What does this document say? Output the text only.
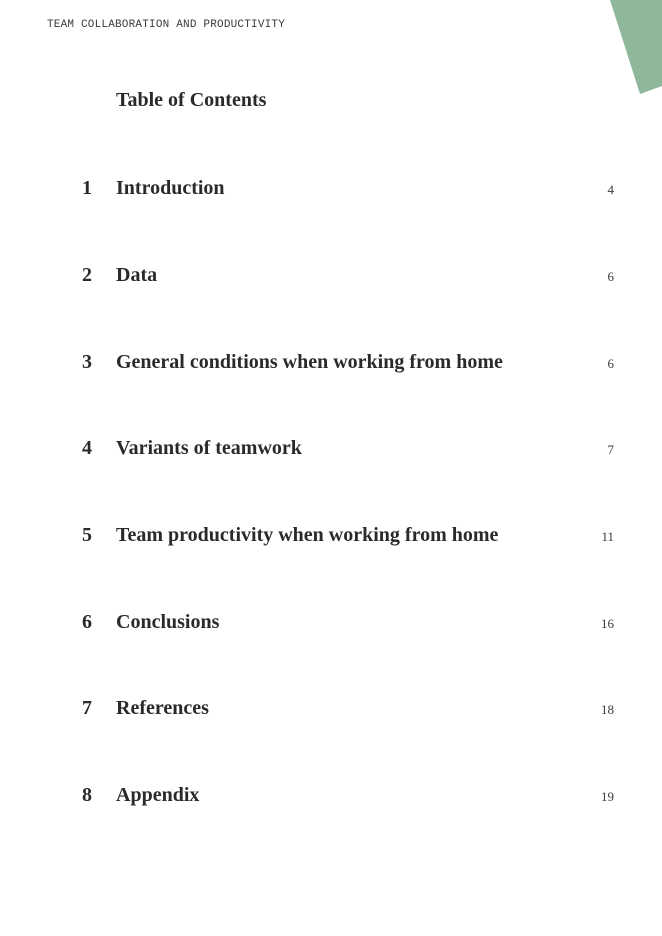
TEAM COLLABORATION AND PRODUCTIVITY
Table of Contents
1 Introduction	4
2 Data	6
3 General conditions when working from home	6
4 Variants of teamwork	7
5 Team productivity when working from home	11
6 Conclusions	16
7 References	18
8 Appendix	19
